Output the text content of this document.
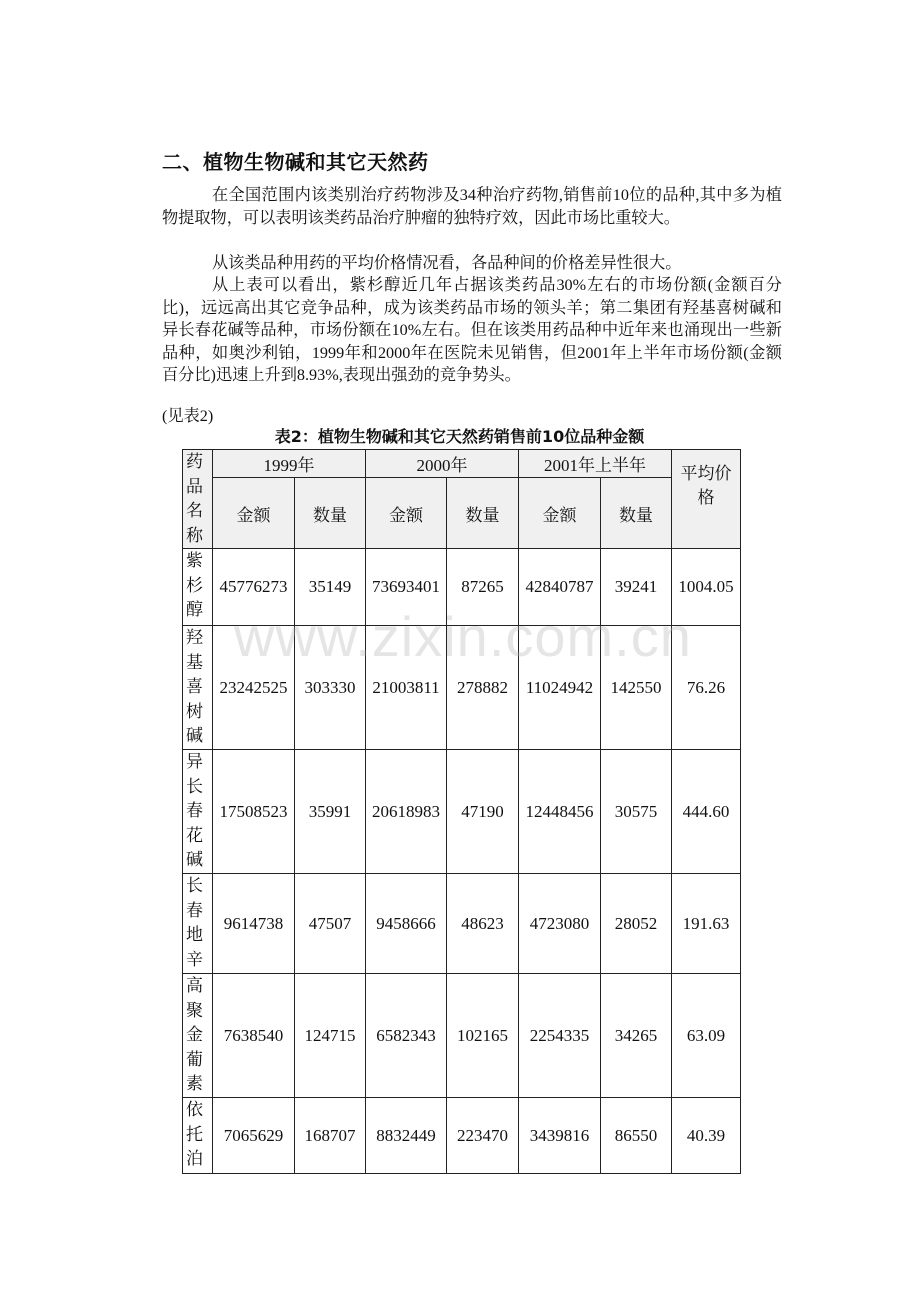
二、植物生物碱和其它天然药
在全国范围内该类别治疗药物涉及34种治疗药物,销售前10位的品种,其中多为植物提取物，可以表明该类药品治疗肿瘤的独特疗效，因此市场比重较大。
从该类品种用药的平均价格情况看，各品种间的价格差异性很大。
从上表可以看出，紫杉醇近几年占据该类药品30%左右的市场份额(金额百分比)，远远高出其它竞争品种，成为该类药品市场的领头羊；第二集团有羟基喜树碱和异长春花碱等品种，市场份额在10%左右。但在该类用药品种中近年来也涌现出一些新品种，如奥沙利铂，1999年和2000年在医院未见销售，但2001年上半年市场份额(金额百分比)迅速上升到8.93%,表现出强劲的竞争势头。
(见表2)
表2：植物生物碱和其它天然药销售前10位品种金额
药品名称	1999年		2000年		2001年上半年		平均价格

	金额	数量	金额	数量	金额	数量	

紫杉醇	45776273	35149	73693401	87265	42840787	39241	1004.05

羟基喜树碱	23242525	303330	21003811	278882	11024942	142550	76.26

异长春花碱	17508523	35991	20618983	47190	12448456	30575	444.60

长春地辛	9614738	47507	9458666	48623	4723080	28052	191.63

高聚金葡素	7638540	124715	6582343	102165	2254335	34265	63.09

依托泊	7065629	168707	8832449	223470	3439816	86550	40.39
www.zixin.com.cn
